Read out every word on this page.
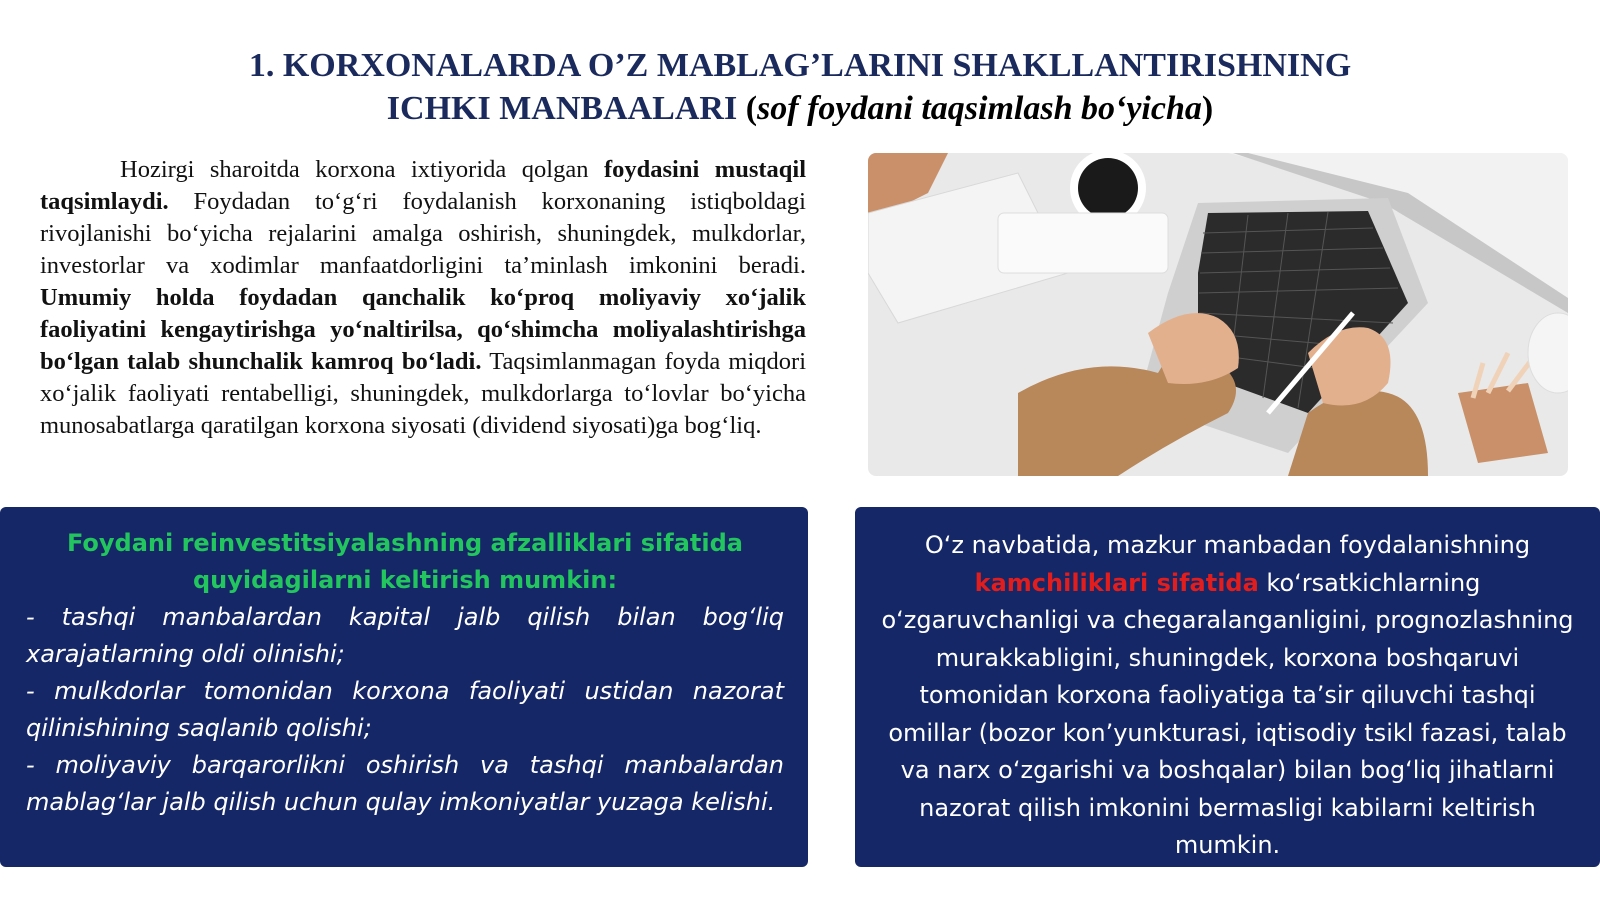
1. KORXONALARDA O’Z MABLAG’LARINI SHAKLLANTIRISHNING
ICHKI MANBAALARI (sof foydani taqsimlash bo‘yicha)

Hozirgi sharoitda korxona ixtiyorida qolgan foydasini mustaqil taqsimlaydi. Foydadan to‘g‘ri foydalanish korxonaning istiqboldagi rivojlanishi bo‘yicha rejalarini amalga oshirish, shuningdek, mulkdorlar, investorlar va xodimlar manfaatdorligini ta’minlash imkonini beradi. Umumiy holda foydadan qanchalik ko‘proq moliyaviy xo‘jalik faoliyatini kengaytirishga yo‘naltirilsa, qo‘shimcha moliyalashtirishga bo‘lgan talab shunchalik kamroq bo‘ladi. Taqsimlanmagan foyda miqdori xo‘jalik faoliyati rentabelligi, shuningdek, mulkdorlarga to‘lovlar bo‘yicha munosabatlarga qaratilgan korxona siyosati (dividend siyosati)ga bog‘liq.

Foydani reinvestitsiyalashning afzalliklari sifatida quyidagilarni keltirish mumkin:
- tashqi manbalardan kapital jalb qilish bilan bog‘liq xarajatlarning oldi olinishi;
- mulkdorlar tomonidan korxona faoliyati ustidan nazorat qilinishining saqlanib qolishi;
- moliyaviy barqarorlikni oshirish va tashqi manbalardan mablag‘lar jalb qilish uchun qulay imkoniyatlar yuzaga kelishi.
O‘z navbatida, mazkur manbadan foydalanishning kamchiliklari sifatida ko‘rsatkichlarning o‘zgaruvchanligi va chegaralanganligini, prognozlashning murakkabligini, shuningdek, korxona boshqaruvi tomonidan korxona faoliyatiga ta’sir qiluvchi tashqi omillar (bozor kon’yunkturasi, iqtisodiy tsikl fazasi, talab va narx o‘zgarishi va boshqalar) bilan bog‘liq jihatlarni nazorat qilish imkonini bermasligi kabilarni keltirish mumkin.
